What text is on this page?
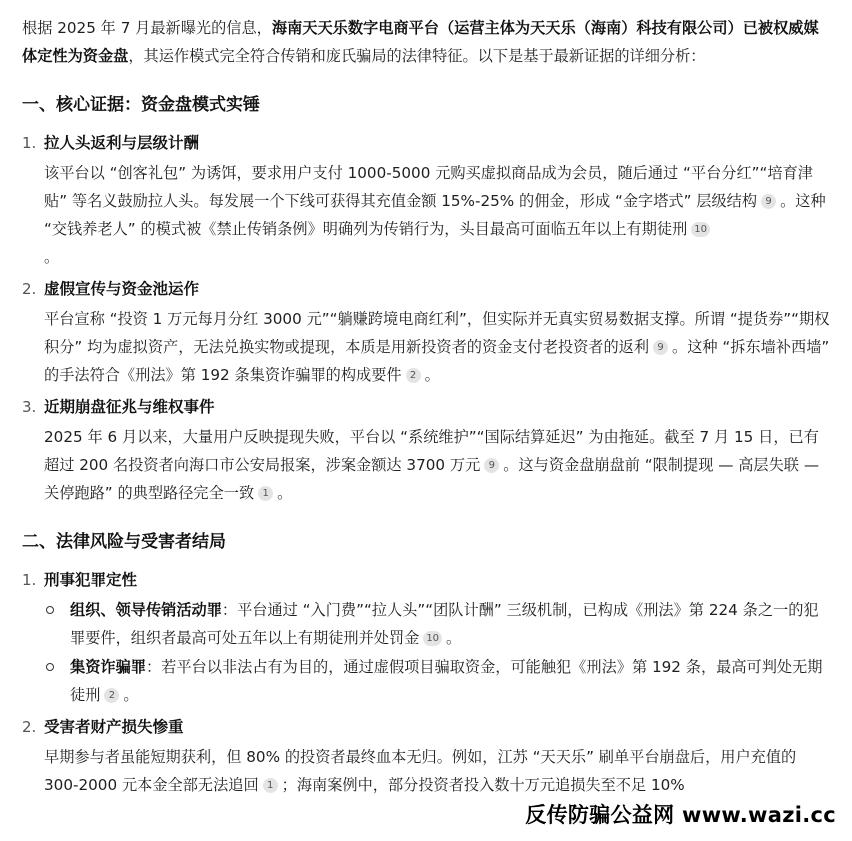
根据 2025 年 7 月最新曝光的信息，海南天天乐数字电商平台（运营主体为天天乐（海南）科技有限公司）已被权威媒体定性为资金盘，其运作模式完全符合传销和庞氏骗局的法律特征。以下是基于最新证据的详细分析：

一、核心证据：资金盘模式实锤
1. 拉人头返利与层级计酬

该平台以 “创客礼包” 为诱饵，要求用户支付 1000-5000 元购买虚拟商品成为会员，随后通过 “平台分红”“培育津贴” 等名义鼓励拉人头。每发展一个下线可获得其充值金额 15%-25% 的佣金，形成 “金字塔式” 层级结构 9 。这种 “交钱养老人” 的模式被《禁止传销条例》明确列为传销行为，头目最高可面临五年以上有期徒刑 10
。

2. 虚假宣传与资金池运作

平台宣称 “投资 1 万元每月分红 3000 元”“躺赚跨境电商红利”，但实际并无真实贸易数据支撑。所谓 “提货券”“期权积分” 均为虚拟资产，无法兑换实物或提现，本质是用新投资者的资金支付老投资者的返利 9 。这种 “拆东墙补西墙” 的手法符合《刑法》第 192 条集资诈骗罪的构成要件 2 。

3. 近期崩盘征兆与维权事件

2025 年 6 月以来，大量用户反映提现失败，平台以 “系统维护”“国际结算延迟” 为由拖延。截至 7 月 15 日，已有超过 200 名投资者向海口市公安局报案，涉案金额达 3700 万元 9 。这与资金盘崩盘前 “限制提现 — 高层失联 — 关停跑路” 的典型路径完全一致 1 。

二、法律风险与受害者结局
1. 刑事犯罪定性

组织、领导传销活动罪：平台通过 “入门费”“拉人头”“团队计酬” 三级机制，已构成《刑法》第 224 条之一的犯罪要件，组织者最高可处五年以上有期徒刑并处罚金 10 。

集资诈骗罪：若平台以非法占有为目的，通过虚假项目骗取资金，可能触犯《刑法》第 192 条，最高可判处无期徒刑 2 。

2. 受害者财产损失惨重

早期参与者虽能短期获利，但 80% 的投资者最终血本无归。例如，江苏 “天天乐” 刷单平台崩盘后，用户充值的 300-2000 元本金全部无法追回 1 ；海南案例中，部分投资者投入数十万元追损失至不足 10%

反传防骗公益网 www.wazi.cc
